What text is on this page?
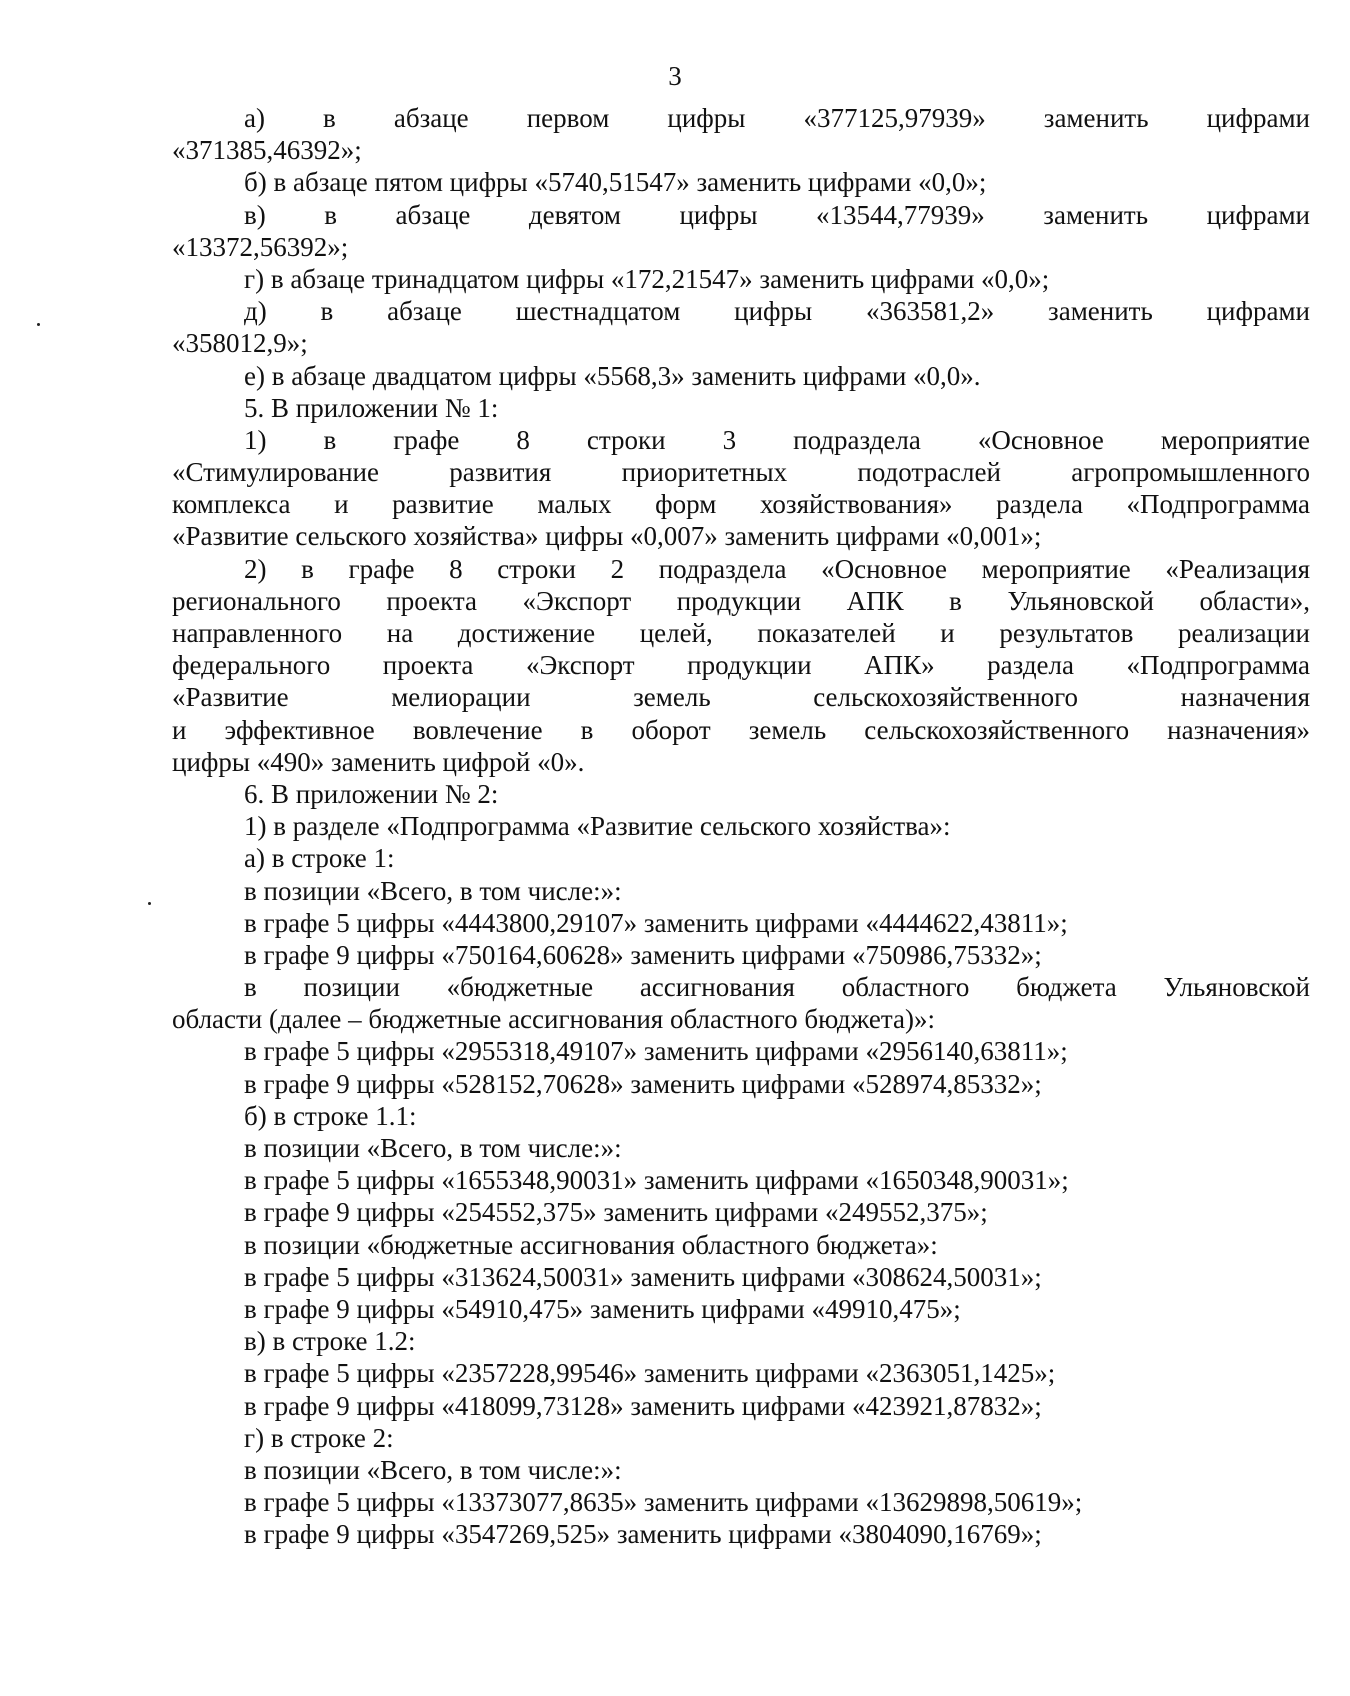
3
а) в абзаце первом цифры «377125,97939» заменить цифрами
«371385,46392»;
б) в абзаце пятом цифры «5740,51547» заменить цифрами «0,0»;
в) в абзаце девятом цифры «13544,77939» заменить цифрами
«13372,56392»;
г) в абзаце тринадцатом цифры «172,21547» заменить цифрами «0,0»;
д) в абзаце шестнадцатом цифры «363581,2» заменить цифрами
«358012,9»;
е) в абзаце двадцатом цифры «5568,3» заменить цифрами «0,0».
5. В приложении № 1:
1) в графе 8 строки 3 подраздела «Основное мероприятие
«Стимулирование развития приоритетных подотраслей агропромышленного
комплекса и развитие малых форм хозяйствования» раздела «Подпрограмма
«Развитие сельского хозяйства» цифры «0,007» заменить цифрами «0,001»;
2) в графе 8 строки 2 подраздела «Основное мероприятие «Реализация
регионального проекта «Экспорт продукции АПК в Ульяновской области»,
направленного на достижение целей, показателей и результатов реализации
федерального проекта «Экспорт продукции АПК» раздела «Подпрограмма
«Развитие мелиорации земель сельскохозяйственного назначения
и эффективное вовлечение в оборот земель сельскохозяйственного назначения»
цифры «490» заменить цифрой «0».
6. В приложении № 2:
1) в разделе «Подпрограмма «Развитие сельского хозяйства»:
а) в строке 1:
в позиции «Всего, в том числе:»:
в графе 5 цифры «4443800,29107» заменить цифрами «4444622,43811»;
в графе 9 цифры «750164,60628» заменить цифрами «750986,75332»;
в позиции «бюджетные ассигнования областного бюджета Ульяновской
области (далее – бюджетные ассигнования областного бюджета)»:
в графе 5 цифры «2955318,49107» заменить цифрами «2956140,63811»;
в графе 9 цифры «528152,70628» заменить цифрами «528974,85332»;
б) в строке 1.1:
в позиции «Всего, в том числе:»:
в графе 5 цифры «1655348,90031» заменить цифрами «1650348,90031»;
в графе 9 цифры «254552,375» заменить цифрами «249552,375»;
в позиции «бюджетные ассигнования областного бюджета»:
в графе 5 цифры «313624,50031» заменить цифрами «308624,50031»;
в графе 9 цифры «54910,475» заменить цифрами «49910,475»;
в) в строке 1.2:
в графе 5 цифры «2357228,99546» заменить цифрами «2363051,1425»;
в графе 9 цифры «418099,73128» заменить цифрами «423921,87832»;
г) в строке 2:
в позиции «Всего, в том числе:»:
в графе 5 цифры «13373077,8635» заменить цифрами «13629898,50619»;
в графе 9 цифры «3547269,525» заменить цифрами «3804090,16769»;
